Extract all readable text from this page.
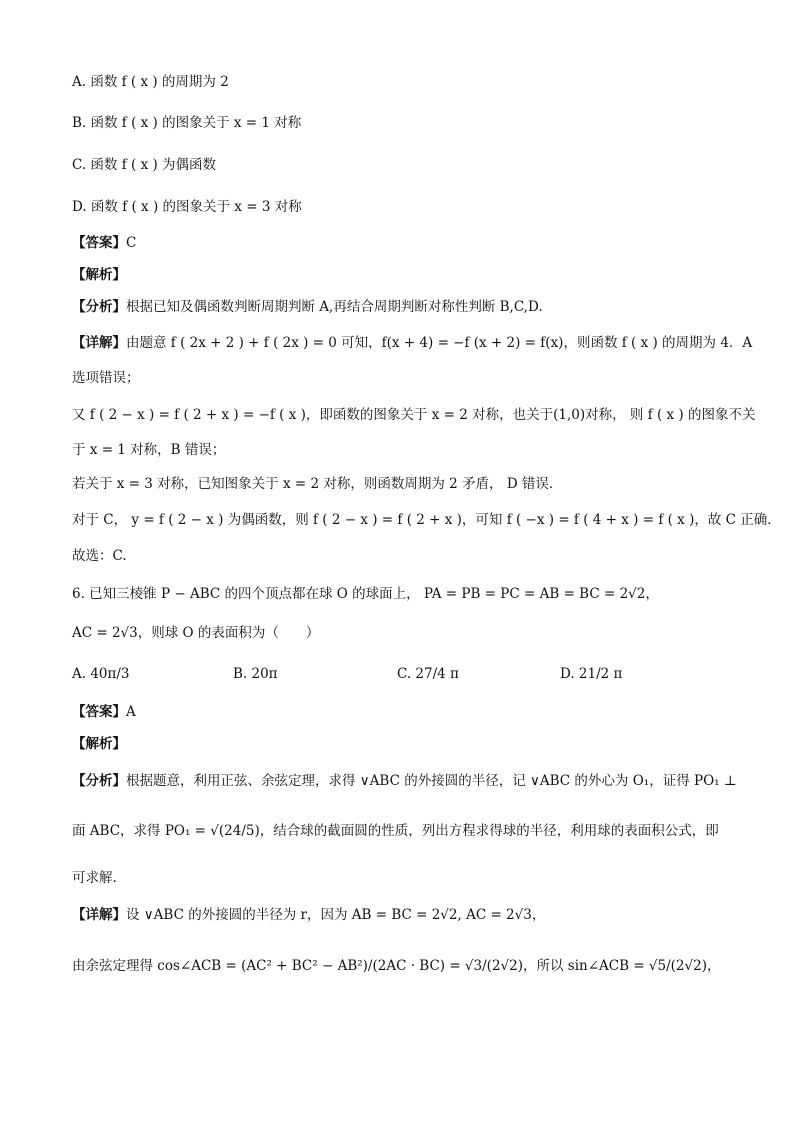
A. 函数 f ( x ) 的周期为 2
B. 函数 f ( x ) 的图象关于 x = 1 对称
C. 函数 f ( x ) 为偶函数
D. 函数 f ( x ) 的图象关于 x = 3 对称
【答案】C
【解析】
【分析】根据已知及偶函数判断周期判断 A,再结合周期判断对称性判断 B,C,D.
【详解】由题意 f ( 2x + 2 ) + f ( 2x ) = 0 可知，f(x + 4) = −f (x + 2) = f(x)，则函数 f ( x ) 的周期为 4．A
选项错误；
又 f ( 2 − x ) = f ( 2 + x ) = −f ( x )，即函数的图象关于 x = 2 对称，也关于(1,0)对称， 则 f ( x ) 的图象不关
于 x = 1 对称，B 错误；
若关于 x = 3 对称，已知图象关于 x = 2 对称，则函数周期为 2 矛盾， D 错误．
对于 C， y = f ( 2 − x ) 为偶函数，则 f ( 2 − x ) = f ( 2 + x )，可知 f ( −x ) = f ( 4 + x ) = f ( x )，故 C 正确．
故选：C.
6. 已知三棱锥 P − ABC 的四个顶点都在球 O 的球面上， PA = PB = PC = AB = BC = 2√2，
AC = 2√3，则球 O 的表面积为（　　）
A. 40π/3	B. 20π	C. 27/4 π	D. 21/2 π
【答案】A
【解析】
【分析】根据题意，利用正弦、余弦定理，求得 ∨ABC 的外接圆的半径，记 ∨ABC 的外心为 O₁，证得 PO₁ ⊥
面 ABC，求得 PO₁ = √(24/5)，结合球的截面圆的性质，列出方程求得球的半径，利用球的表面积公式，即
可求解.
【详解】设 ∨ABC 的外接圆的半径为 r，因为 AB = BC = 2√2, AC = 2√3，
由余弦定理得 cos∠ACB = (AC² + BC² − AB²)/(2AC · BC) = √3/(2√2)，所以 sin∠ACB = √5/(2√2)，
